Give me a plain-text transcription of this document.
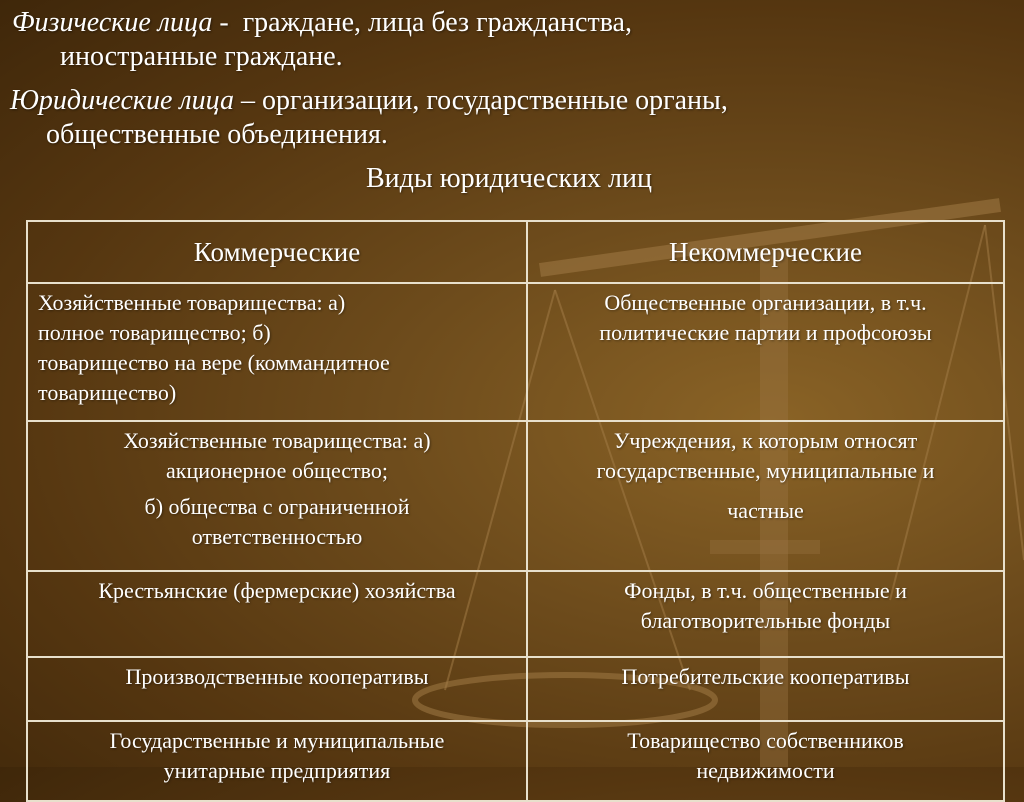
Физические лица - граждане, лица без гражданства,
иностранные граждане.
Юридические лица – организации, государственные органы,
общественные объединения.
Виды юридических лиц
Коммерческие	Некоммерческие

Хозяйственные товарищества: а)
полное товарищество; б)
товарищество на вере (коммандитное
товарищество)	Общественные организации, в т.ч.
политические партии и профсоюзы

Хозяйственные товарищества: а)
акционерное общество;
б) общества с ограниченной
ответственностью	Учреждения, к которым относят
государственные, муниципальные и
частные

Крестьянские (фермерские) хозяйства	Фонды, в т.ч. общественные и
благотворительные фонды

Производственные кооперативы	Потребительские кооперативы

Государственные и муниципальные
унитарные предприятия	Товарищество собственников
недвижимости
